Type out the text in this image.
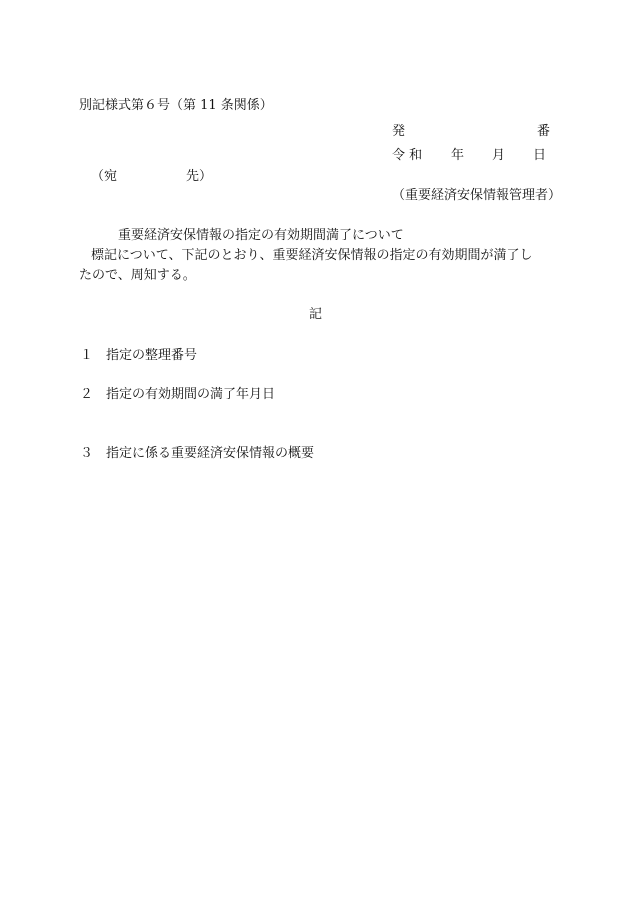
別記様式第６号（第 11 条関係）
発	番
令 和 年 月 日
（宛	先）
（重要経済安保情報管理者）
重要経済安保情報の指定の有効期間満了について
標記について、下記のとおり、重要経済安保情報の指定の有効期間が満了し
たので、周知する。
記
１ 指定の整理番号
２ 指定の有効期間の満了年月日
３ 指定に係る重要経済安保情報の概要
